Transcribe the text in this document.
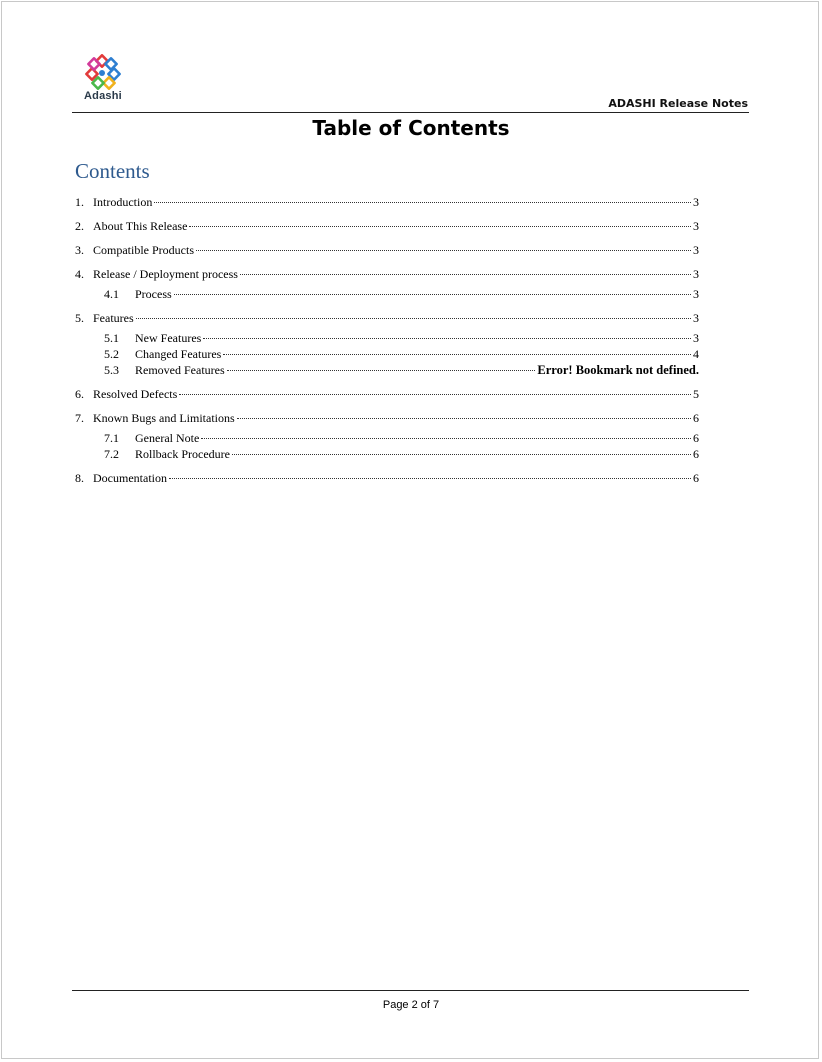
Adashi
ADASHI Release Notes
Table of Contents
Contents
1. Introduction	3
2. About This Release	3
3. Compatible Products	3
4. Release / Deployment process	3
4.1	Process	3
5. Features	3
5.1	New Features	3
5.2	Changed Features	4
5.3	Removed Features	Error! Bookmark not defined.
6. Resolved Defects	5
7. Known Bugs and Limitations	6
7.1	General Note	6
7.2	Rollback Procedure	6
8. Documentation	6
Page 2 of 7
